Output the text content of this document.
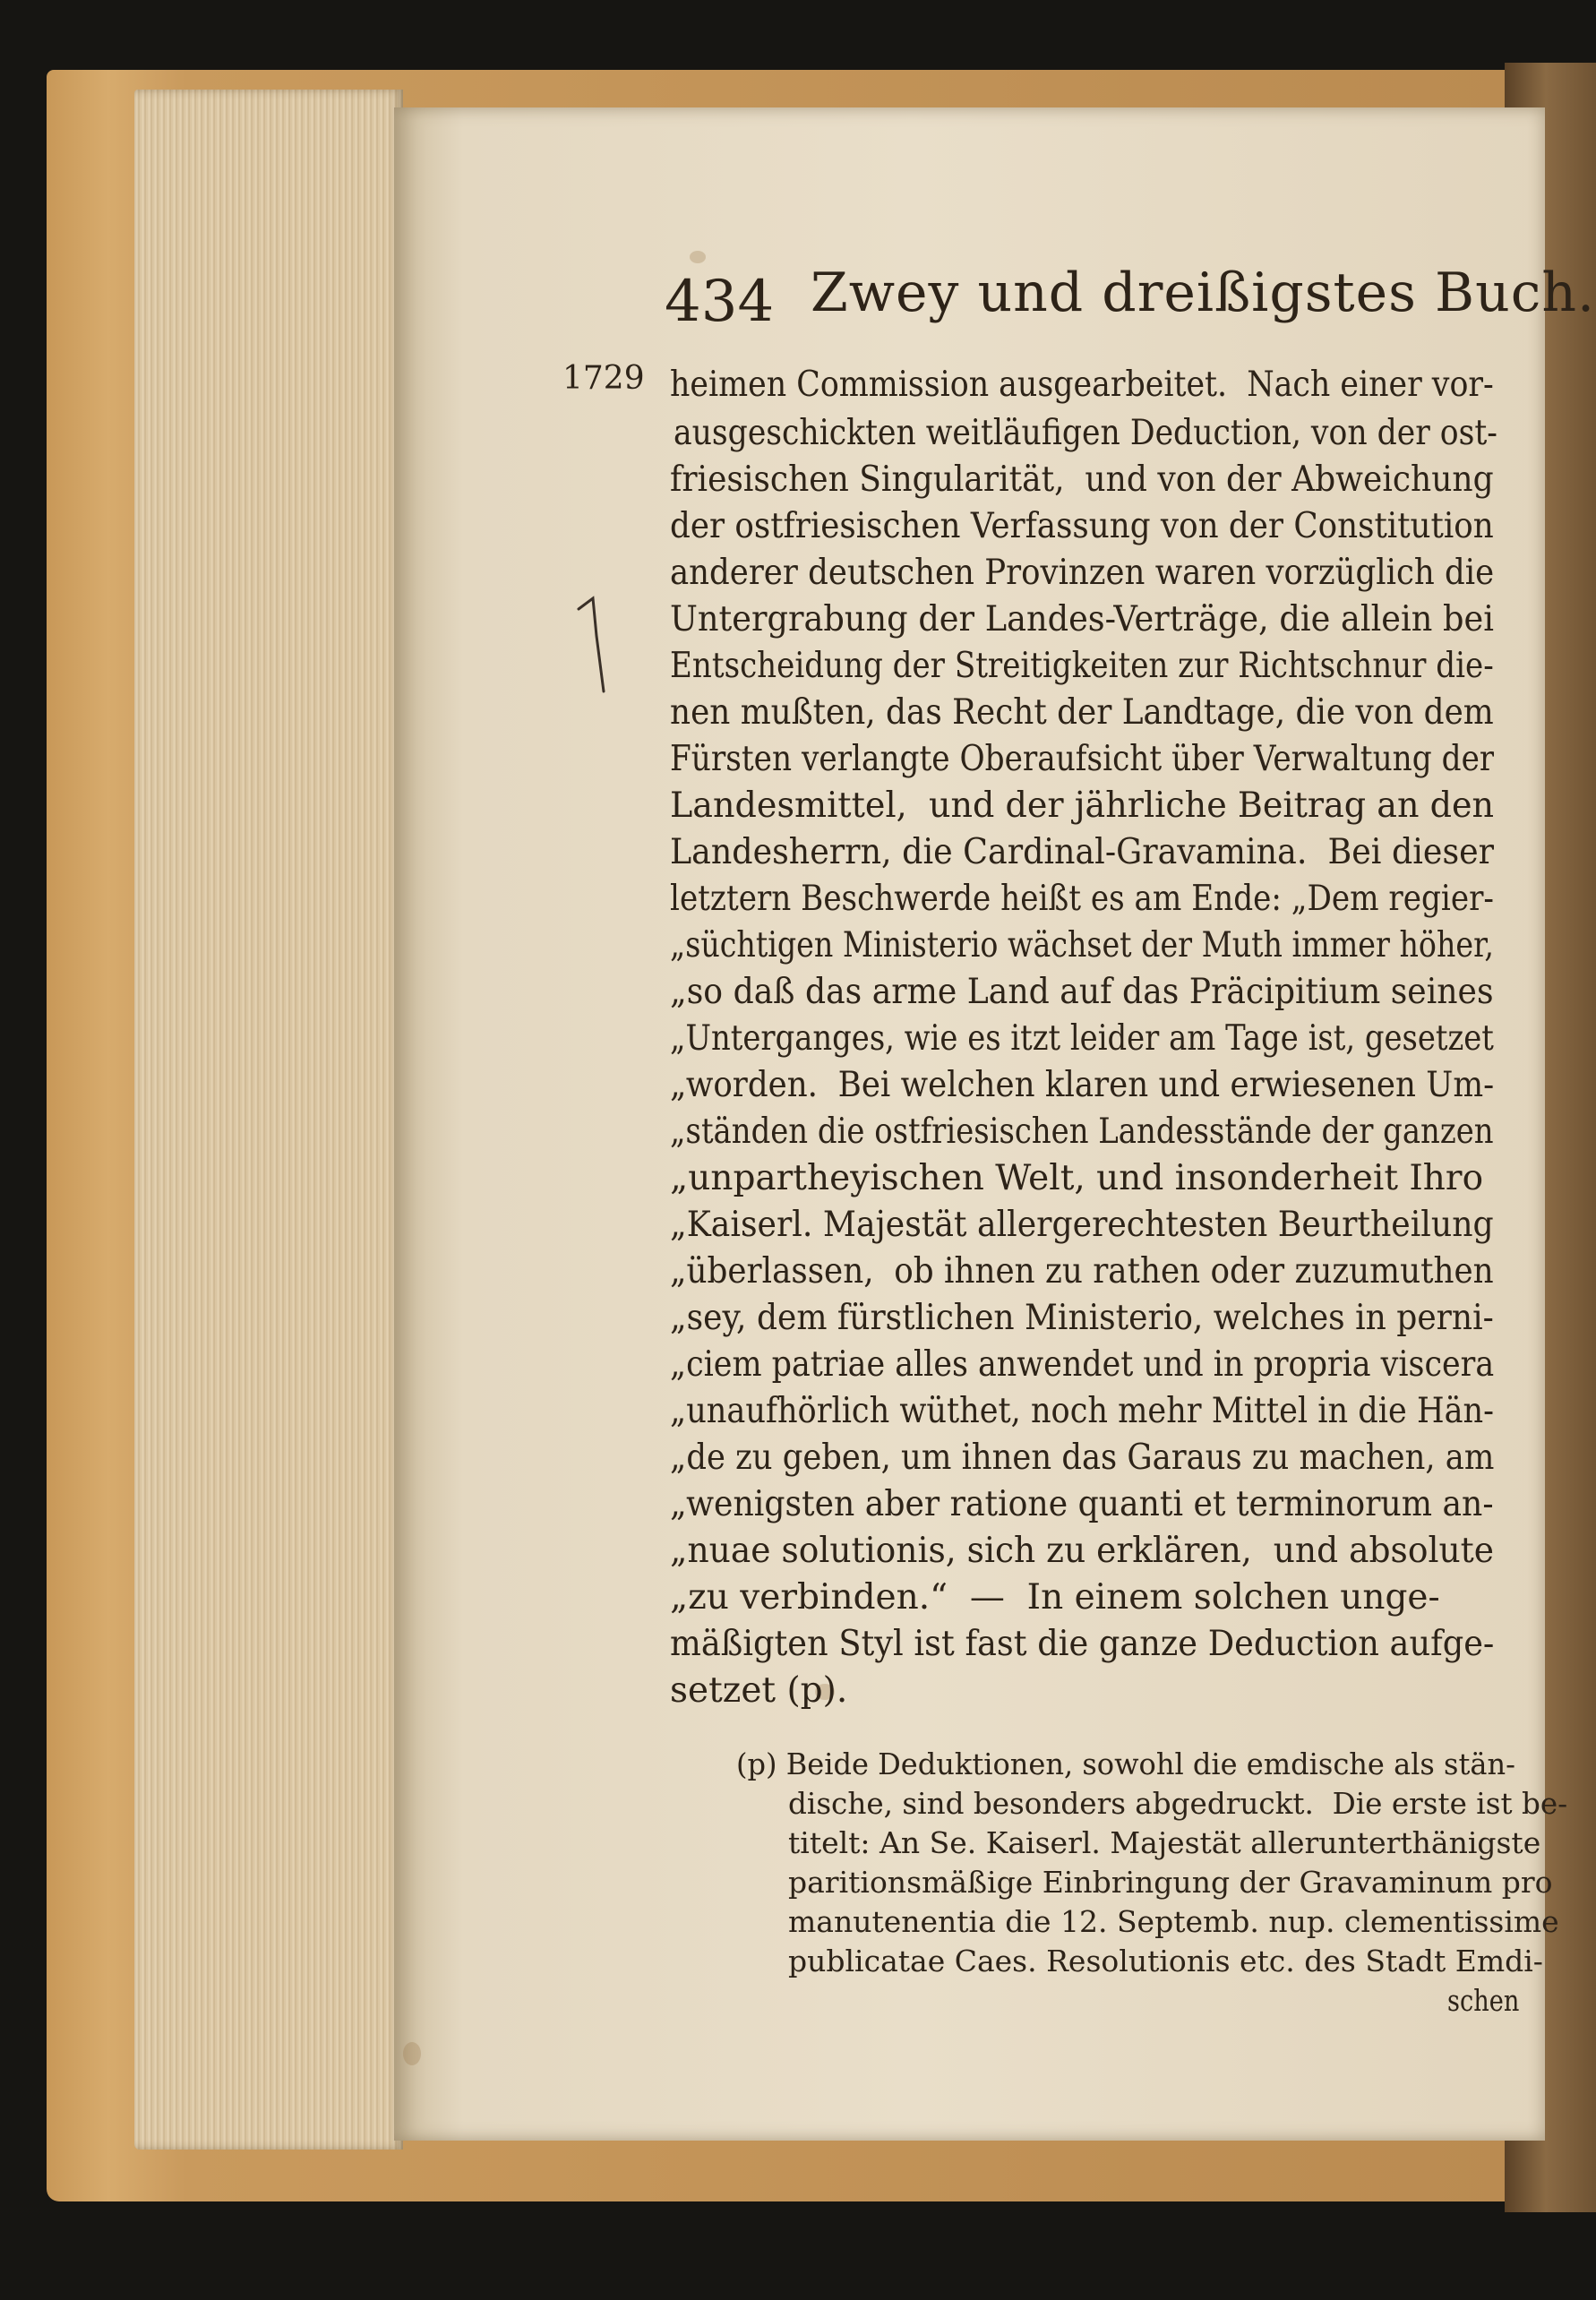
434 Zwey und dreißigstes Buch.
1729 heimen Commission ausgearbeitet.  Nach einer vor-
ausgeschickten weitläufigen Deduction, von der ost-
friesischen Singularität,  und von der Abweichung
der ostfriesischen Verfassung von der Constitution
anderer deutschen Provinzen waren vorzüglich die
Untergrabung der Landes-Verträge, die allein bei
Entscheidung der Streitigkeiten zur Richtschnur die-
nen mußten, das Recht der Landtage, die von dem
Fürsten verlangte Oberaufsicht über Verwaltung der
Landesmittel,  und der jährliche Beitrag an den
Landesherrn, die Cardinal-Gravamina.  Bei dieser
letztern Beschwerde heißt es am Ende: „Dem regier-
„süchtigen Ministerio wächset der Muth immer höher,
„so daß das arme Land auf das Präcipitium seines
„Unterganges, wie es itzt leider am Tage ist, gesetzet
„worden.  Bei welchen klaren und erwiesenen Um-
„ständen die ostfriesischen Landesstände der ganzen
„unpartheyischen Welt, und insonderheit Ihro
„Kaiserl. Majestät allergerechtesten Beurtheilung
„überlassen,  ob ihnen zu rathen oder zuzumuthen
„sey, dem fürstlichen Ministerio, welches in perni-
„ciem patriae alles anwendet und in propria viscera
„unaufhörlich wüthet, noch mehr Mittel in die Hän-
„de zu geben, um ihnen das Garaus zu machen, am
„wenigsten aber ratione quanti et terminorum an-
„nuae solutionis, sich zu erklären,  und absolute
„zu verbinden.“  —  In einem solchen unge-
mäßigten Styl ist fast die ganze Deduction aufge-
setzet (p).
(p) Beide Deduktionen, sowohl die emdische als stän-
dische, sind besonders abgedruckt.  Die erste ist be-
titelt: An Se. Kaiserl. Majestät allerunterthänigste
paritionsmäßige Einbringung der Gravaminum pro
manutenentia die 12. Septemb. nup. clementissime
publicatae Caes. Resolutionis etc. des Stadt Emdi-
schen
